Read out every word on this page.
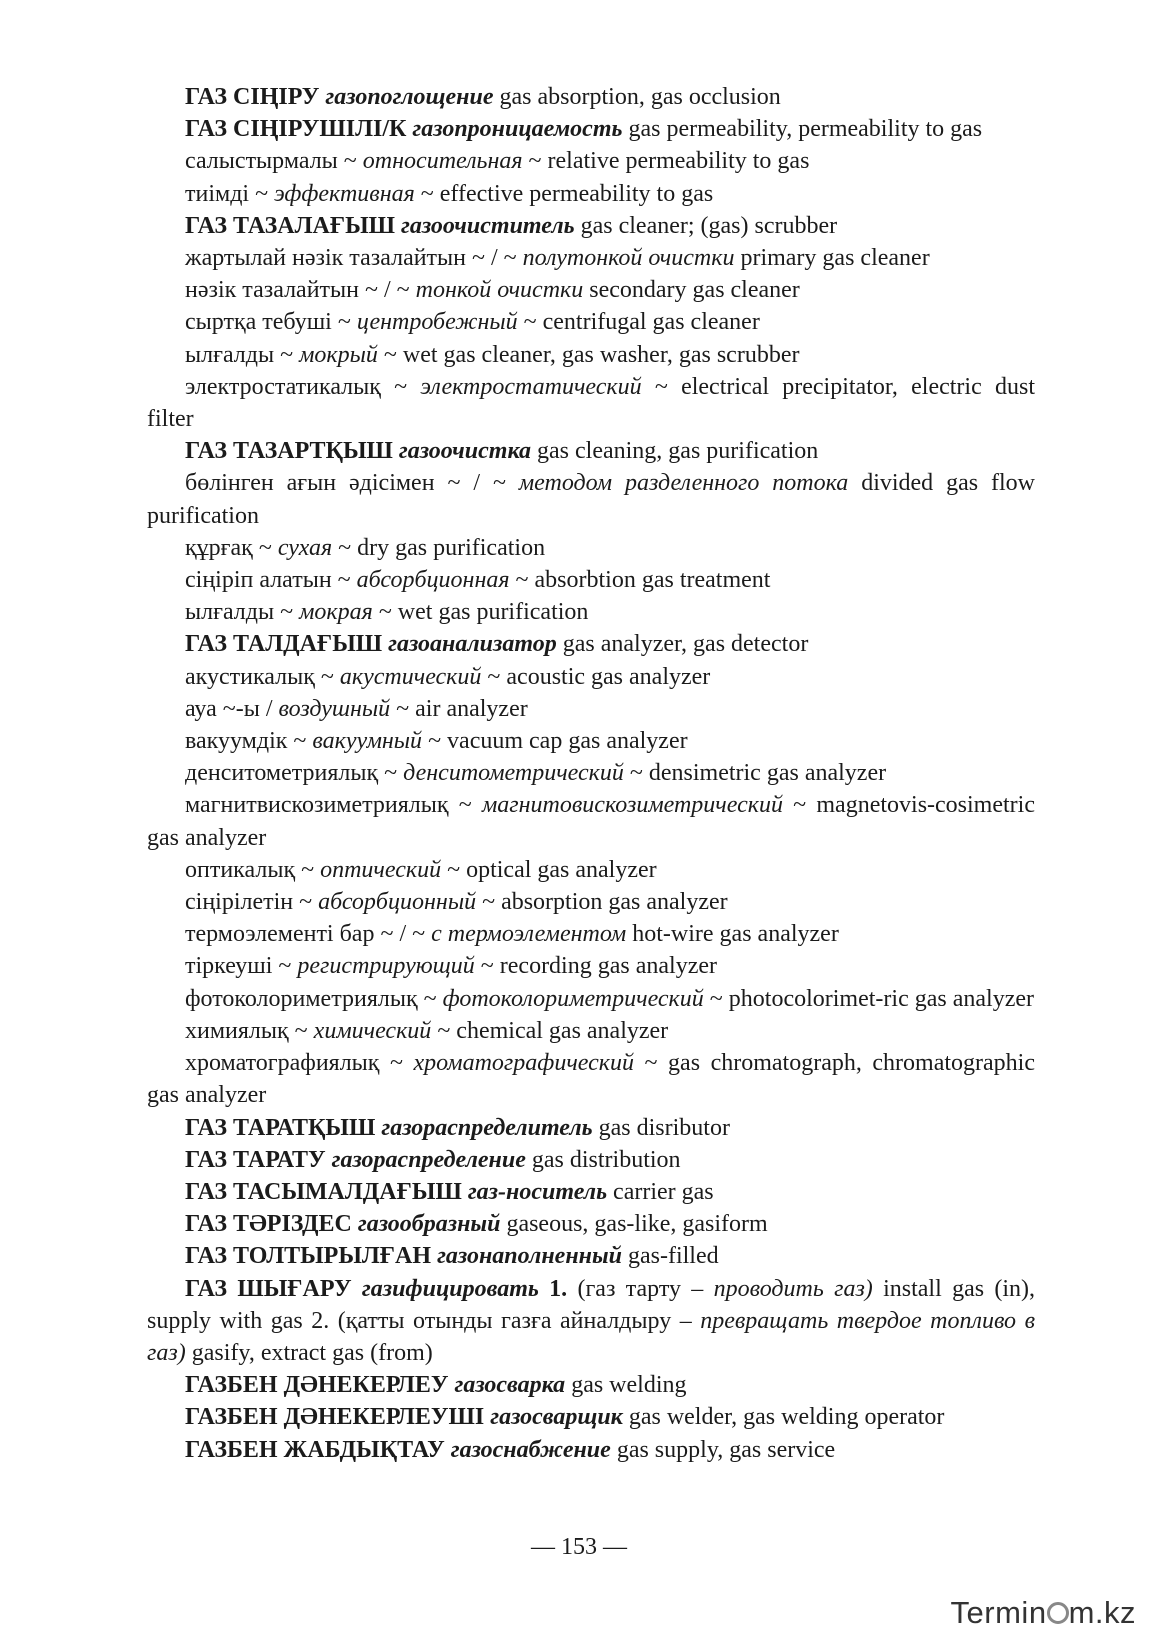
ГАЗ СІҢІРУ газопоглощение gas absorption, gas occlusion

ГАЗ СІҢІРУШІЛІ/К газопроницаемость gas permeability, permeability to gas

салыстырмалы ~ относительная ~ relative permeability to gas

тиімді ~ эффективная ~ effective permeability to gas

ГАЗ ТАЗАЛАҒЫШ газоочиститель gas cleaner; (gas) scrubber

жартылай нәзік тазалайтын ~ / ~ полутонкой очистки primary gas cleaner

нәзік тазалайтын ~ / ~ тонкой очистки secondary gas cleaner

сыртқа тебуші ~ центробежный ~ centrifugal gas cleaner

ылғалды ~ мокрый ~ wet gas cleaner, gas washer, gas scrubber

электростатикалық ~ электростатический ~ electrical precipitator, electric dust filter

ГАЗ ТАЗАРТҚЫШ газоочистка gas cleaning, gas purification

бөлінген ағын әдісімен ~ / ~ методом разделенного потока divided gas flow purification

құрғақ ~ сухая ~ dry gas purification

сіңіріп алатын ~ абсорбционная ~ absorbtion gas treatment

ылғалды ~ мокрая ~ wet gas purification

ГАЗ ТАЛДАҒЫШ газоанализатор gas analyzer, gas detector

акустикалық ~ акустический ~ acoustic gas analyzer

ауа ~-ы / воздушный ~ air analyzer

вакуумдік ~ вакуумный ~ vacuum cap gas analyzer

денситометриялық ~ денситометрический ~ densimetric gas analyzer

магнитвискозиметриялық ~ магнитовискозиметрический ~ magnetovis-cosimetric gas analyzer

оптикалық ~ оптический ~ optical gas analyzer

сіңірілетін ~ абсорбционный ~ absorption gas analyzer

термоэлементі бар ~ / ~ с термоэлементом hot-wire gas analyzer

тіркеуші ~ регистрирующий ~ recording gas analyzer

фотоколориметриялық ~ фотоколориметрический ~ photocolorimet-ric gas analyzer

химиялық ~ химический ~ chemical gas analyzer

хроматографиялық ~ хроматографический ~ gas chromatograph, chromatographic gas analyzer

ГАЗ ТАРАТҚЫШ газораспределитель gas disributor

ГАЗ ТАРАТУ газораспределение gas distribution

ГАЗ ТАСЫМАЛДАҒЫШ газ-носитель carrier gas

ГАЗ ТӘРІЗДЕС газообразный gaseous, gas-like, gasiform

ГАЗ ТОЛТЫРЫЛҒАН газонаполненный gas-filled

ГАЗ ШЫҒАРУ газифицировать 1. (газ тарту – проводить газ) install gas (in), supply with gas 2. (қатты отынды газға айналдыру – превращать твердое топливо в газ) gasify, extract gas (from)

ГАЗБЕН ДӘНЕКЕРЛЕУ газосварка gas welding

ГАЗБЕН ДӘНЕКЕРЛЕУШІ газосварщик gas welder, gas welding operator

ГАЗБЕН ЖАБДЫҚТАУ газоснабжение gas supply, gas service

— 153 —
Termin m.kz
